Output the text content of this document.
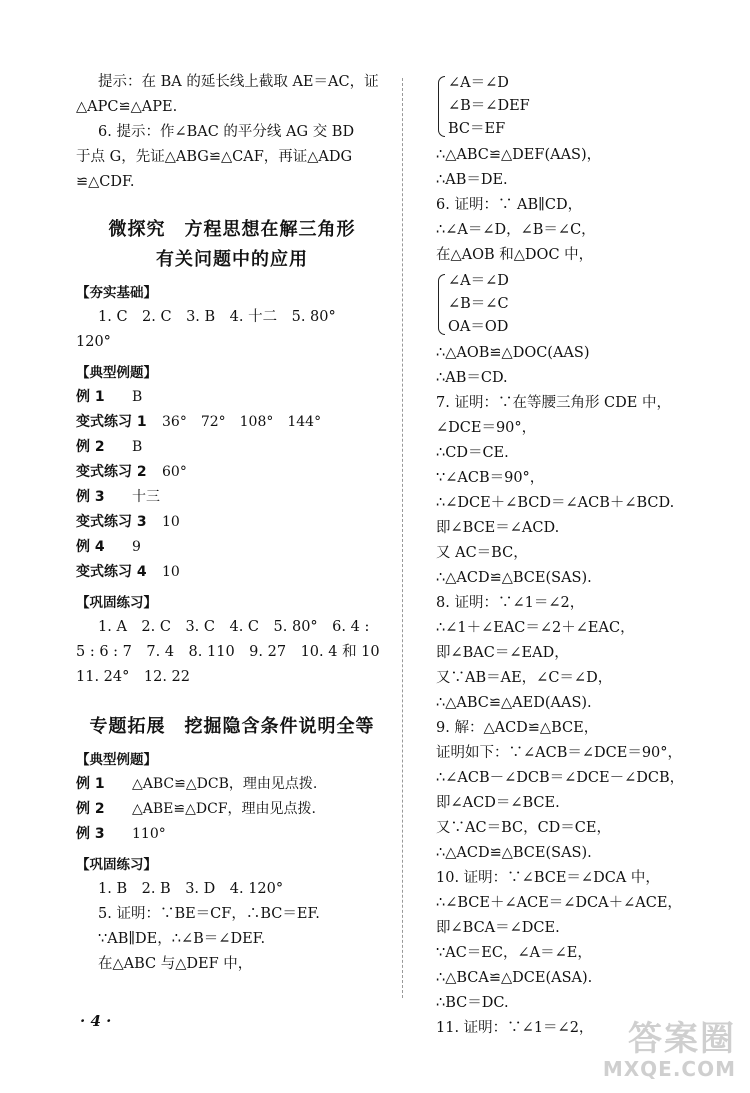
提示：在 BA 的延长线上截取 AE＝AC，证
△APC≌△APE.
6. 提示：作∠BAC 的平分线 AG 交 BD
于点 G，先证△ABG≌△CAF，再证△ADG
≌△CDF.
微探究　方程思想在解三角形
有关问题中的应用
【夯实基础】
1. C　2. C　3. B　4. 十二　5. 80°
120°
【典型例题】
例 1 B
变式练习 1 36°　72°　108°　144°
例 2 B
变式练习 2 60°
例 3 十三
变式练习 3 10
例 4 9
变式练习 4 10
【巩固练习】
1. A　2. C　3. C　4. C　5. 80°　6. 4 :
5 : 6 : 7　7. 4　8. 110　9. 27　10. 4 和 10
11. 24°　12. 22
专题拓展　挖掘隐含条件说明全等
【典型例题】
例 1 △ABC≌△DCB，理由见点拨.
例 2 △ABE≌△DCF，理由见点拨.
例 3 110°
【巩固练习】
1. B　2. B　3. D　4. 120°
5. 证明：∵BE＝CF，∴BC＝EF.
∵AB∥DE，∴∠B＝∠DEF.
在△ABC 与△DEF 中，
∠A＝∠D
∠B＝∠DEF
BC＝EF
∴△ABC≌△DEF(AAS)，
∴AB＝DE.
6. 证明：∵ AB∥CD，
∴∠A＝∠D，∠B＝∠C，
在△AOB 和△DOC 中，
∠A＝∠D
∠B＝∠C
OA＝OD
∴△AOB≌△DOC(AAS)
∴AB＝CD.
7. 证明：∵在等腰三角形 CDE 中，
∠DCE＝90°，
∴CD＝CE.
∵∠ACB＝90°，
∴∠DCE＋∠BCD＝∠ACB＋∠BCD.
即∠BCE＝∠ACD.
又 AC＝BC，
∴△ACD≌△BCE(SAS).
8. 证明：∵∠1＝∠2，
∴∠1＋∠EAC＝∠2＋∠EAC，
即∠BAC＝∠EAD，
又∵AB＝AE，∠C＝∠D，
∴△ABC≌△AED(AAS).
9. 解：△ACD≌△BCE，
证明如下：∵∠ACB＝∠DCE＝90°，
∴∠ACB－∠DCB＝∠DCE－∠DCB，
即∠ACD＝∠BCE.
又∵AC＝BC，CD＝CE，
∴△ACD≌△BCE(SAS).
10. 证明：∵∠BCE＝∠DCA 中，
∴∠BCE＋∠ACE＝∠DCA＋∠ACE，
即∠BCA＝∠DCE.
∵AC＝EC，∠A＝∠E，
∴△BCA≌△DCE(ASA).
∴BC＝DC.
11. 证明：∵∠1＝∠2，
· 4 ·	答案圈
MXQE.COM
